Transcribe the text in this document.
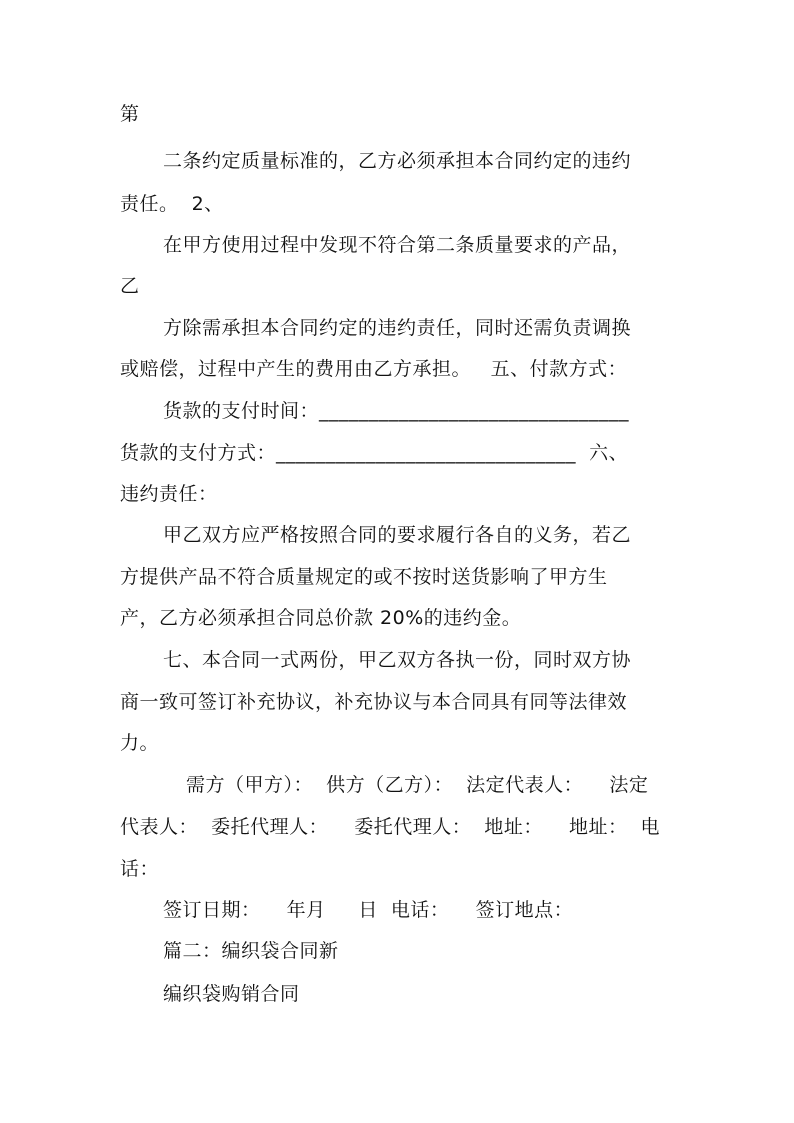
第
二条约定质量标准的，乙方必须承担本合同约定的违约
责任。  2、
在甲方使用过程中发现不符合第二条质量要求的产品，
乙
方除需承担本合同约定的违约责任，同时还需负责调换
或赔偿，过程中产生的费用由乙方承担。   五、付款方式：
货款的支付时间：_______________________________
货款的支付方式：______________________________  六、
违约责任：
甲乙双方应严格按照合同的要求履行各自的义务，若乙
方提供产品不符合质量规定的或不按时送货影响了甲方生
产，乙方必须承担合同总价款 20%的违约金。
七、本合同一式两份，甲乙双方各执一份，同时双方协
商一致可签订补充协议，补充协议与本合同具有同等法律效
力。
需方（甲方）：  供方（乙方）：  法定代表人：    法定
代表人：  委托代理人：    委托代理人：  地址：    地址：  电
话：
签订日期：    年月     日  电话：    签订地点：
篇二：编织袋合同新
编织袋购销合同
